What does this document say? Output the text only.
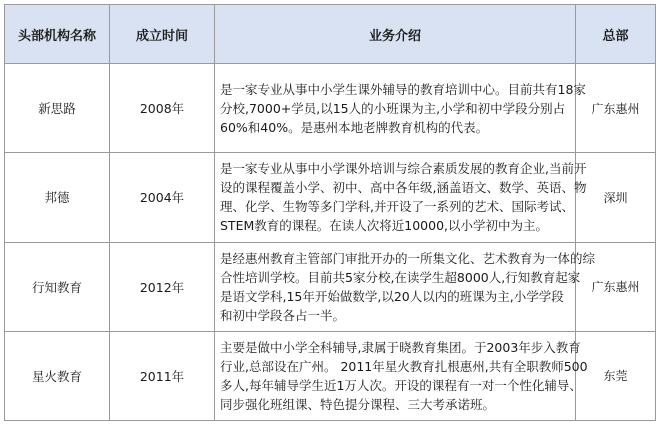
头部机构名称	成立时间	业务介绍	总部
新思路	2008年	是一家专业从事中小学生课外辅导的教育培训中心。目前共有18家
分校,7000+学员,以15人的小班课为主,小学和初中学段分别占
60%和40%。是惠州本地老牌教育机构的代表。	广东惠州
邦德	2004年	是一家专业从事中小学课外培训与综合素质发展的教育企业,当前开
设的课程覆盖小学、初中、高中各年级,涵盖语文、数学、英语、物
理、化学、生物等多门学科,并开设了一系列的艺术、国际考试、
STEM教育的课程。在读人次将近10000,以小学初中为主。	深圳
行知教育	2012年	是经惠州教育主管部门审批开办的一所集文化、艺术教育为一体的综
合性培训学校。目前共5家分校,在读学生超8000人,行知教育起家
是语文学科,15年开始做数学,以20人以内的班课为主,小学学段
和初中学段各占一半。	广东惠州
星火教育	2011年	主要是做中小学全科辅导,隶属于晓教育集团。于2003年步入教育
行业,总部设在广州。 2011年星火教育扎根惠州,共有全职教师500
多人,每年辅导学生近1万人次。开设的课程有一对一个性化辅导、
同步强化班组课、特色提分课程、三大考承诺班。	东莞
